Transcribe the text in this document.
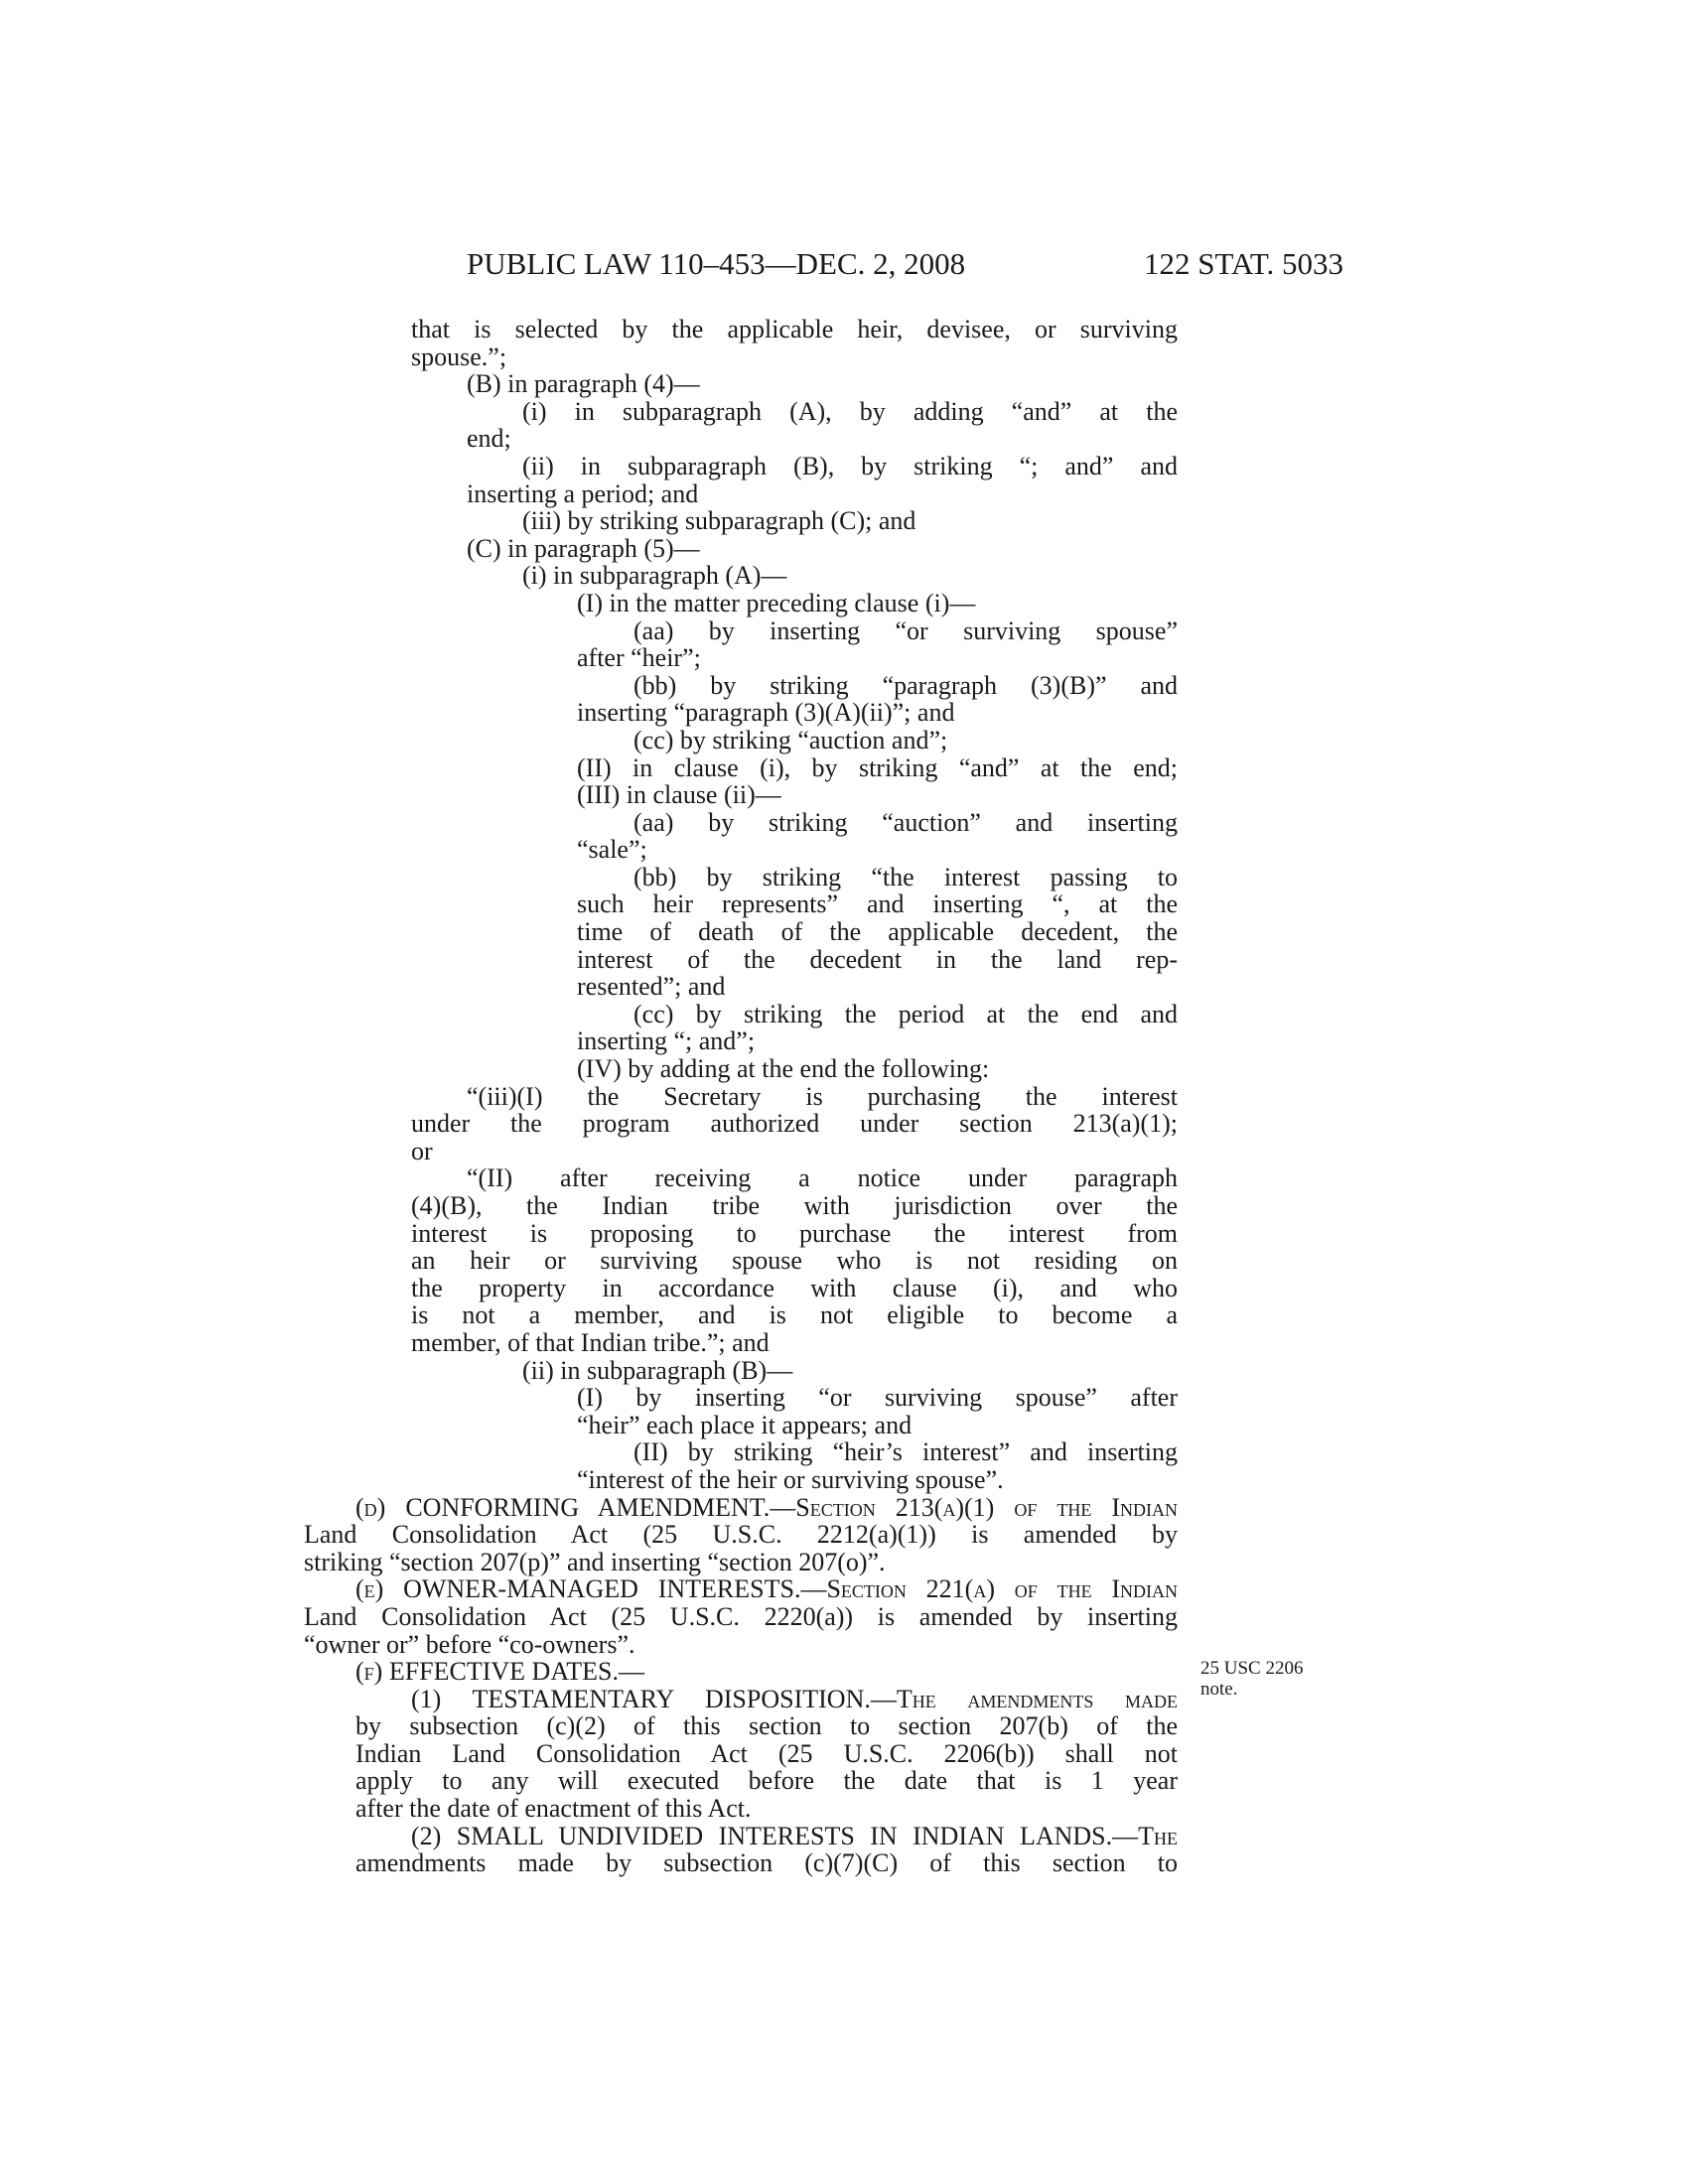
PUBLIC LAW 110–453—DEC. 2, 2008	122 STAT. 5033
that is selected by the applicable heir, devisee, or surviving
spouse.”;
(B) in paragraph (4)—
(i) in subparagraph (A), by adding “and” at the
end;
(ii) in subparagraph (B), by striking “; and” and
inserting a period; and
(iii) by striking subparagraph (C); and
(C) in paragraph (5)—
(i) in subparagraph (A)—
(I) in the matter preceding clause (i)—
(aa) by inserting “or surviving spouse”
after “heir”;
(bb) by striking “paragraph (3)(B)” and
inserting “paragraph (3)(A)(ii)”; and
(cc) by striking “auction and”;
(II) in clause (i), by striking “and” at the end;
(III) in clause (ii)—
(aa) by striking “auction” and inserting
“sale”;
(bb) by striking “the interest passing to
such heir represents” and inserting “, at the
time of death of the applicable decedent, the
interest of the decedent in the land rep-
resented”; and
(cc) by striking the period at the end and
inserting “; and”;
(IV) by adding at the end the following:
“(iii)(I) the Secretary is purchasing the interest
under the program authorized under section 213(a)(1);
or
“(II) after receiving a notice under paragraph
(4)(B), the Indian tribe with jurisdiction over the
interest is proposing to purchase the interest from
an heir or surviving spouse who is not residing on
the property in accordance with clause (i), and who
is not a member, and is not eligible to become a
member, of that Indian tribe.”; and
(ii) in subparagraph (B)—
(I) by inserting “or surviving spouse” after
“heir” each place it appears; and
(II) by striking “heir’s interest” and inserting
“interest of the heir or surviving spouse”.
(d) CONFORMING AMENDMENT.—Section 213(a)(1) of the Indian
Land Consolidation Act (25 U.S.C. 2212(a)(1)) is amended by
striking “section 207(p)” and inserting “section 207(o)”.
(e) OWNER-MANAGED INTERESTS.—Section 221(a) of the Indian
Land Consolidation Act (25 U.S.C. 2220(a)) is amended by inserting
“owner or” before “co-owners”.
(f) EFFECTIVE DATES.—
(1) TESTAMENTARY DISPOSITION.—The amendments made
by subsection (c)(2) of this section to section 207(b) of the
Indian Land Consolidation Act (25 U.S.C. 2206(b)) shall not
apply to any will executed before the date that is 1 year
after the date of enactment of this Act.
(2) SMALL UNDIVIDED INTERESTS IN INDIAN LANDS.—The
amendments made by subsection (c)(7)(C) of this section to
25 USC 2206
note.
